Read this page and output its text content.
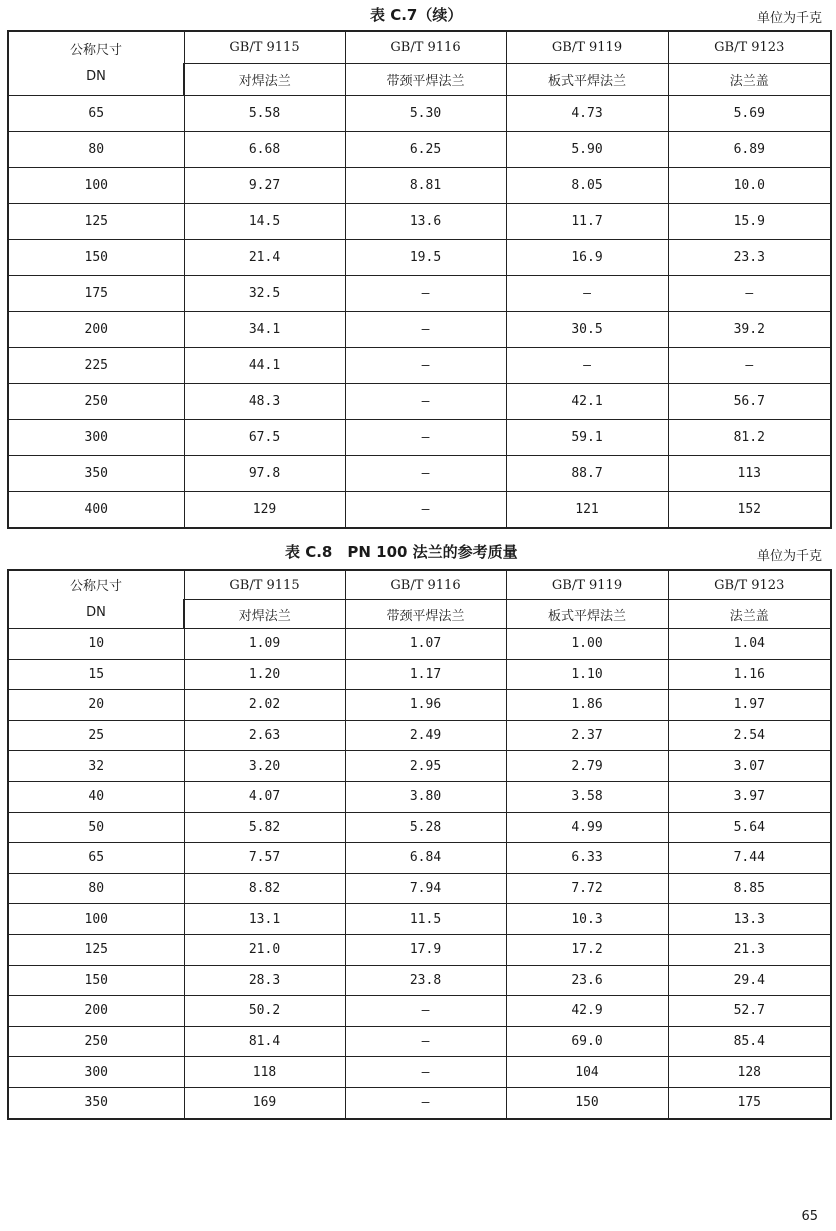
表 C.7（续）	单位为千克
公称尺寸
DN	GB/T 9115	GB/T 9116	GB/T 9119	GB/T 9123
	对焊法兰	带颈平焊法兰	板式平焊法兰	法兰盖
65	5.58	5.30	4.73	5.69
80	6.68	6.25	5.90	6.89
100	9.27	8.81	8.05	10.0
125	14.5	13.6	11.7	15.9
150	21.4	19.5	16.9	23.3
175	32.5	—	—	—
200	34.1	—	30.5	39.2
225	44.1	—	—	—
250	48.3	—	42.1	56.7
300	67.5	—	59.1	81.2
350	97.8	—	88.7	113
400	129	—	121	152
表 C.8　PN 100 法兰的参考质量	单位为千克
公称尺寸
DN	GB/T 9115	GB/T 9116	GB/T 9119	GB/T 9123
	对焊法兰	带颈平焊法兰	板式平焊法兰	法兰盖
10	1.09	1.07	1.00	1.04
15	1.20	1.17	1.10	1.16
20	2.02	1.96	1.86	1.97
25	2.63	2.49	2.37	2.54
32	3.20	2.95	2.79	3.07
40	4.07	3.80	3.58	3.97
50	5.82	5.28	4.99	5.64
65	7.57	6.84	6.33	7.44
80	8.82	7.94	7.72	8.85
100	13.1	11.5	10.3	13.3
125	21.0	17.9	17.2	21.3
150	28.3	23.8	23.6	29.4
200	50.2	—	42.9	52.7
250	81.4	—	69.0	85.4
300	118	—	104	128
350	169	—	150	175
65
